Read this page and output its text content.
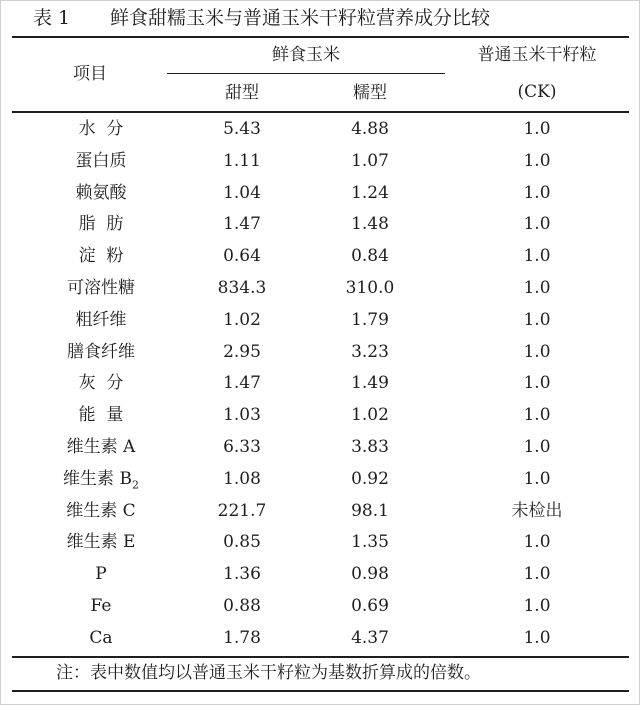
表 1 鲜食甜糯玉米与普通玉米干籽粒营养成分比较
项目
鲜食玉米
甜型	糯型
普通玉米干籽粒
(CK)
水  分	5.43	4.88	1.0
蛋白质	1.11	1.07	1.0
赖氨酸	1.04	1.24	1.0
脂  肪	1.47	1.48	1.0
淀  粉	0.64	0.84	1.0
可溶性糖	834.3	310.0	1.0
粗纤维	1.02	1.79	1.0
膳食纤维	2.95	3.23	1.0
灰  分	1.47	1.49	1.0
能  量	1.03	1.02	1.0
维生素 A	6.33	3.83	1.0
维生素 $B_2$	1.08	0.92	1.0
维生素 C	221.7	98.1	未检出
维生素 E	0.85	1.35	1.0
P	1.36	0.98	1.0
Fe	0.88	0.69	1.0
Ca	1.78	4.37	1.0
注：表中数值均以普通玉米干籽粒为基数折算成的倍数。
